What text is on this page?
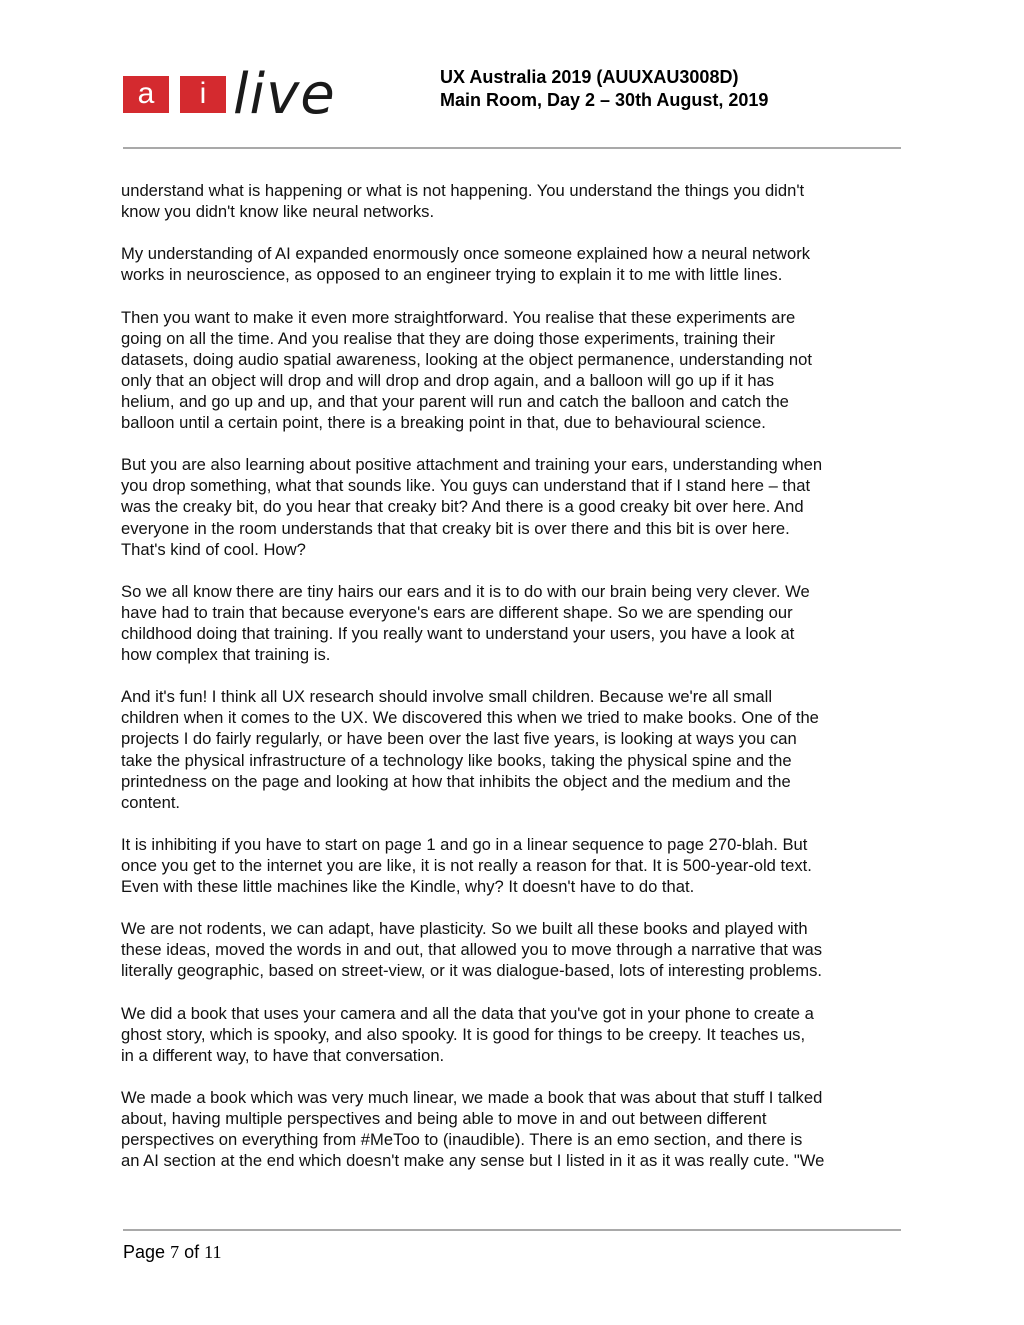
a	i live	UX Australia 2019 (AUUXAU3008D)
Main Room, Day 2 – 30th August, 2019

understand what is happening or what is not happening. You understand the things you didn't
know you didn't know like neural networks.

My understanding of AI expanded enormously once someone explained how a neural network
works in neuroscience, as opposed to an engineer trying to explain it to me with little lines.

Then you want to make it even more straightforward. You realise that these experiments are
going on all the time. And you realise that they are doing those experiments, training their
datasets, doing audio spatial awareness, looking at the object permanence, understanding not
only that an object will drop and will drop and drop again, and a balloon will go up if it has
helium, and go up and up, and that your parent will run and catch the balloon and catch the
balloon until a certain point, there is a breaking point in that, due to behavioural science.

But you are also learning about positive attachment and training your ears, understanding when
you drop something, what that sounds like. You guys can understand that if I stand here – that
was the creaky bit, do you hear that creaky bit? And there is a good creaky bit over here. And
everyone in the room understands that that creaky bit is over there and this bit is over here.
That's kind of cool. How?

So we all know there are tiny hairs our ears and it is to do with our brain being very clever. We
have had to train that because everyone's ears are different shape. So we are spending our
childhood doing that training. If you really want to understand your users, you have a look at
how complex that training is.

And it's fun! I think all UX research should involve small children. Because we're all small
children when it comes to the UX. We discovered this when we tried to make books. One of the
projects I do fairly regularly, or have been over the last five years, is looking at ways you can
take the physical infrastructure of a technology like books, taking the physical spine and the
printedness on the page and looking at how that inhibits the object and the medium and the
content.

It is inhibiting if you have to start on page 1 and go in a linear sequence to page 270-blah. But
once you get to the internet you are like, it is not really a reason for that. It is 500-year-old text.
Even with these little machines like the Kindle, why? It doesn't have to do that.

We are not rodents, we can adapt, have plasticity. So we built all these books and played with
these ideas, moved the words in and out, that allowed you to move through a narrative that was
literally geographic, based on street-view, or it was dialogue-based, lots of interesting problems.

We did a book that uses your camera and all the data that you've got in your phone to create a
ghost story, which is spooky, and also spooky. It is good for things to be creepy. It teaches us,
in a different way, to have that conversation.

We made a book which was very much linear, we made a book that was about that stuff I talked
about, having multiple perspectives and being able to move in and out between different
perspectives on everything from #MeToo to (inaudible). There is an emo section, and there is
an AI section at the end which doesn't make any sense but I listed in it as it was really cute. "We

Page 7 of 11
